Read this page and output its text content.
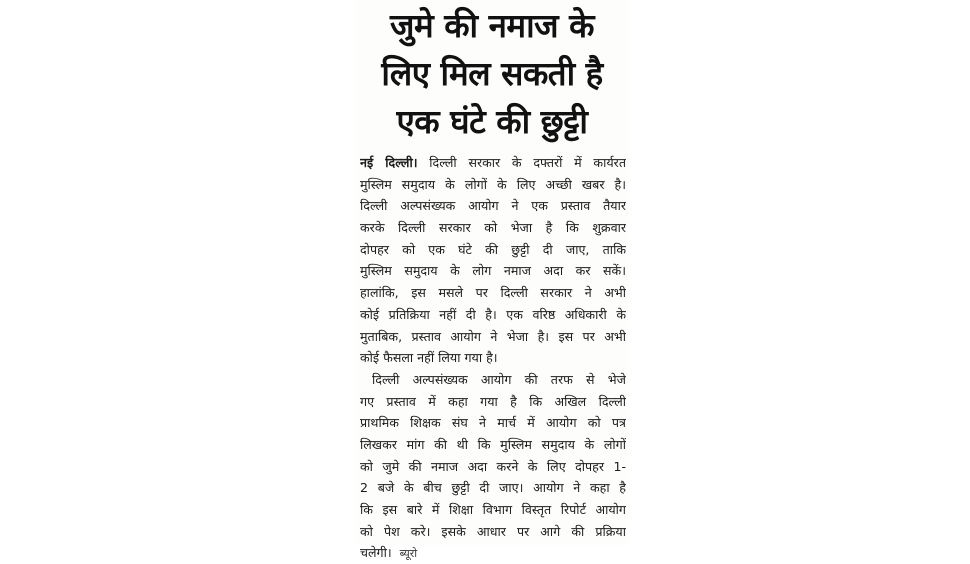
जुमे की नमाज के
लिए मिल सकती है
एक घंटे की छुट्टी
नई दिल्ली। दिल्ली सरकार के दफ्तरों में कार्यरत
मुस्लिम समुदाय के लोगों के लिए अच्छी खबर है।
दिल्ली अल्पसंख्यक आयोग ने एक प्रस्ताव तैयार
करके दिल्ली सरकार को भेजा है कि शुक्रवार
दोपहर को एक घंटे की छुट्टी दी जाए, ताकि
मुस्लिम समुदाय के लोग नमाज अदा कर सकें।
हालांकि, इस मसले पर दिल्ली सरकार ने अभी
कोई प्रतिक्रिया नहीं दी है। एक वरिष्ठ अधिकारी के
मुताबिक, प्रस्ताव आयोग ने भेजा है। इस पर अभी
कोई फैसला नहीं लिया गया है।
दिल्ली अल्पसंख्यक आयोग की तरफ से भेजे
गए प्रस्ताव में कहा गया है कि अखिल दिल्ली
प्राथमिक शिक्षक संघ ने मार्च में आयोग को पत्र
लिखकर मांग की थी कि मुस्लिम समुदाय के लोगों
को जुमे की नमाज अदा करने के लिए दोपहर 1-
2 बजे के बीच छुट्टी दी जाए। आयोग ने कहा है
कि इस बारे में शिक्षा विभाग विस्तृत रिपोर्ट आयोग
को पेश करे। इसके आधार पर आगे की प्रक्रिया
चलेगी। ब्यूरो
